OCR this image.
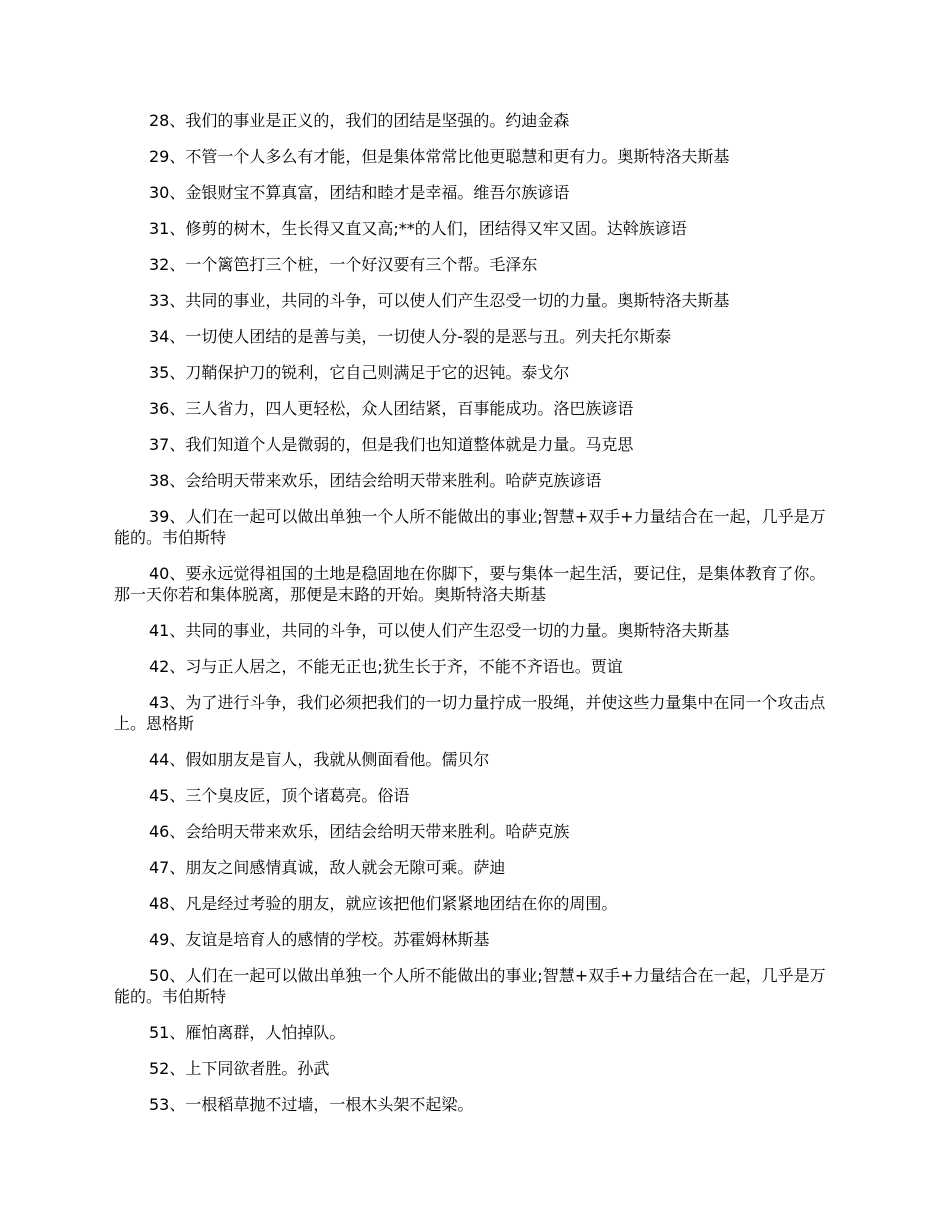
28、我们的事业是正义的，我们的团结是坚强的。约迪金森

29、不管一个人多么有才能，但是集体常常比他更聪慧和更有力。奥斯特洛夫斯基

30、金银财宝不算真富，团结和睦才是幸福。维吾尔族谚语

31、修剪的树木，生长得又直又高;**的人们，团结得又牢又固。达斡族谚语

32、一个篱笆打三个桩，一个好汉要有三个帮。毛泽东

33、共同的事业，共同的斗争，可以使人们产生忍受一切的力量。奥斯特洛夫斯基

34、一切使人团结的是善与美，一切使人分-裂的是恶与丑。列夫托尔斯泰

35、刀鞘保护刀的锐利，它自己则满足于它的迟钝。泰戈尔

36、三人省力，四人更轻松，众人团结紧，百事能成功。洛巴族谚语

37、我们知道个人是微弱的，但是我们也知道整体就是力量。马克思

38、会给明天带来欢乐，团结会给明天带来胜利。哈萨克族谚语

39、人们在一起可以做出单独一个人所不能做出的事业;智慧+双手+力量结合在一起，几乎是万能的。韦伯斯特

40、要永远觉得祖国的土地是稳固地在你脚下，要与集体一起生活，要记住，是集体教育了你。那一天你若和集体脱离，那便是末路的开始。奥斯特洛夫斯基

41、共同的事业，共同的斗争，可以使人们产生忍受一切的力量。奥斯特洛夫斯基

42、习与正人居之，不能无正也;犹生长于齐，不能不齐语也。贾谊

43、为了进行斗争，我们必须把我们的一切力量拧成一股绳，并使这些力量集中在同一个攻击点上。恩格斯

44、假如朋友是盲人，我就从侧面看他。儒贝尔

45、三个臭皮匠，顶个诸葛亮。俗语

46、会给明天带来欢乐，团结会给明天带来胜利。哈萨克族

47、朋友之间感情真诚，敌人就会无隙可乘。萨迪

48、凡是经过考验的朋友，就应该把他们紧紧地团结在你的周围。

49、友谊是培育人的感情的学校。苏霍姆林斯基

50、人们在一起可以做出单独一个人所不能做出的事业;智慧+双手+力量结合在一起，几乎是万能的。韦伯斯特

51、雁怕离群，人怕掉队。

52、上下同欲者胜。孙武

53、一根稻草抛不过墙，一根木头架不起梁。
